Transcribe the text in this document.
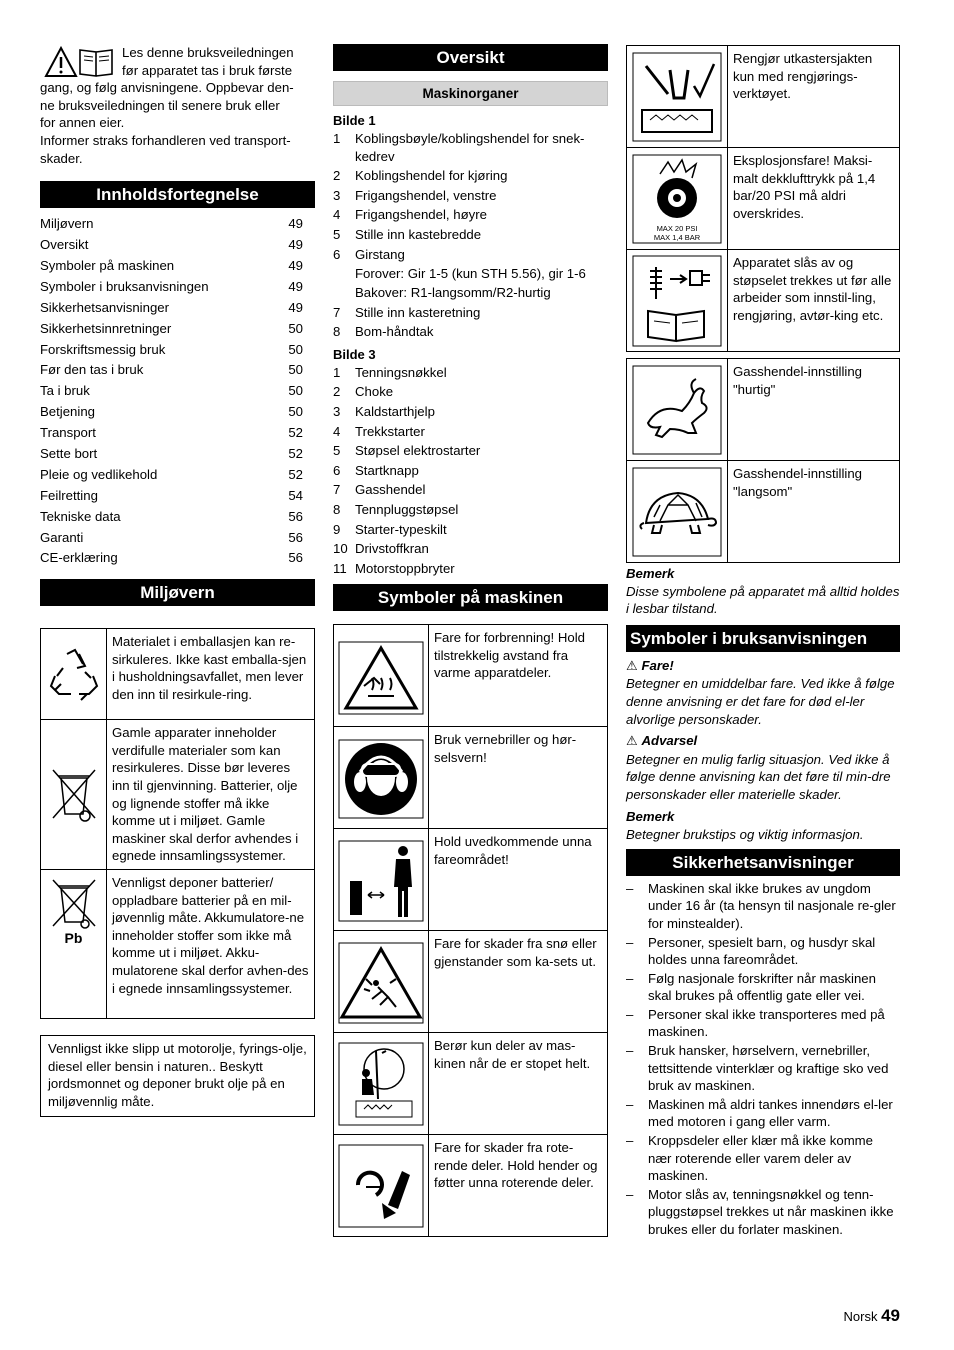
Les denne bruksveiledningen
før apparatet tas i bruk første
gang, og følg anvisningene. Oppbevar den-
ne bruksveiledningen til senere bruk eller
for annen eier.
Informer straks forhandleren ved transport-
skader.
Innholdsfortegnelse
Miljøvern	49
Oversikt	49
Symboler på maskinen	49
Symboler i bruksanvisningen	49
Sikkerhetsanvisninger	49
Sikkerhetsinnretninger	50
Forskriftsmessig bruk	50
Før den tas i bruk	50
Ta i bruk	50
Betjening	50
Transport	52
Sette bort	52
Pleie og vedlikehold	52
Feilretting	54
Tekniske data	56
Garanti	56
CE-erklæring	56
Miljøvern
	Materialet i emballasjen kan re-sirkuleres. Ikke kast emballa-sjen i husholdningsavfallet, men lever den inn til resirkule-ring.

	Gamle apparater inneholder verdifulle materialer som kan resirkuleres. Disse bør leveres inn til gjenvinning. Batterier, olje og lignende stoffer må ikke komme ut i miljøet. Gamle maskiner skal derfor avhendes i egnede innsamlingssystemer.

Pb	Vennligst deponer batterier/ oppladbare batterier på en mil-jøvennlig måte. Akkumulatore-ne inneholder stoffer som ikke må komme ut i miljøet. Akku-mulatorene skal derfor avhen-des i egnede innsamlingssystemer.
Vennligst ikke slipp ut motorolje, fyrings-olje, diesel eller bensin i naturen.. Beskytt jordsmonnet og deponer brukt olje på en miljøvennlig måte.
Oversikt
Maskinorganer
Bilde 1
1	Koblingsbøyle/koblingshendel for snek-kedrev
2	Koblingshendel for kjøring
3	Frigangshendel, venstre
4	Frigangshendel, høyre
5	Stille inn kastebredde
6	Girstang
Forover: Gir 1-5 (kun STH 5.56), gir 1-6
Bakover: R1-langsomm/R2-hurtig
7	Stille inn kasteretning
8	Bom-håndtak
Bilde 3
1	Tenningsnøkkel
2	Choke
3	Kaldstarthjelp
4	Trekkstarter
5	Støpsel elektrostarter
6	Startknapp
7	Gasshendel
8	Tennpluggstøpsel
9	Starter-typeskilt
10 Drivstoffkran
11 Motorstoppbryter
Symboler på maskinen
	Fare for forbrenning! Hold tilstrekkelig avstand fra varme apparatdeler.

	Bruk vernebriller og hør-selsvern!

	Hold uvedkommende unna fareområdet!

	Fare for skader fra snø eller gjenstander som ka-sets ut.

	Berør kun deler av mas-kinen når de er stopet helt.

	Fare for skader fra rote-rende deler. Hold hender og føtter unna roterende deler.
	Rengjør utkastersjakten kun med rengjørings-verktøyet.

MAX 20 PSI
MAX 1,4 BAR	Eksplosjonsfare! Maksi-malt dekklufttrykk på 1,4 bar/20 PSI må aldri overskrides.

	Apparatet slås av og støpselet trekkes ut før alle arbeider som innstil-ling, rengjøring, avtør-king etc.
	Gasshendel-innstilling "hurtig"

	Gasshendel-innstilling "langsom"
Bemerk
Disse symbolene på apparatet må alltid holdes i lesbar tilstand.
Symboler i bruksanvisningen
⚠ Fare!
Betegner en umiddelbar fare. Ved ikke å følge denne anvisning er det fare for død el-ler alvorlige personskader.
⚠ Advarsel
Betegner en mulig farlig situasjon. Ved ikke å følge denne anvisning kan det føre til min-dre personskader eller materielle skader.
Bemerk
Betegner brukstips og viktig informasjon.
Sikkerhetsanvisninger
–	Maskinen skal ikke brukes av ungdom under 16 år (ta hensyn til nasjonale re-gler for minstealder).
–	Personer, spesielt barn, og husdyr skal holdes unna fareområdet.
–	Følg nasjonale forskrifter når maskinen skal brukes på offentlig gate eller vei.
–	Personer skal ikke transporteres med på maskinen.
–	Bruk hansker, hørselvern, vernebriller, tettsittende vinterklær og kraftige sko ved bruk av maskinen.
–	Maskinen må aldri tankes innendørs el-ler med motoren i gang eller varm.
–	Kroppsdeler eller klær må ikke komme nær roterende eller varem deler av maskinen.
–	Motor slås av, tenningsnøkkel og tenn-pluggstøpsel trekkes ut når maskinen ikke brukes eller du forlater maskinen.
Norsk 49
